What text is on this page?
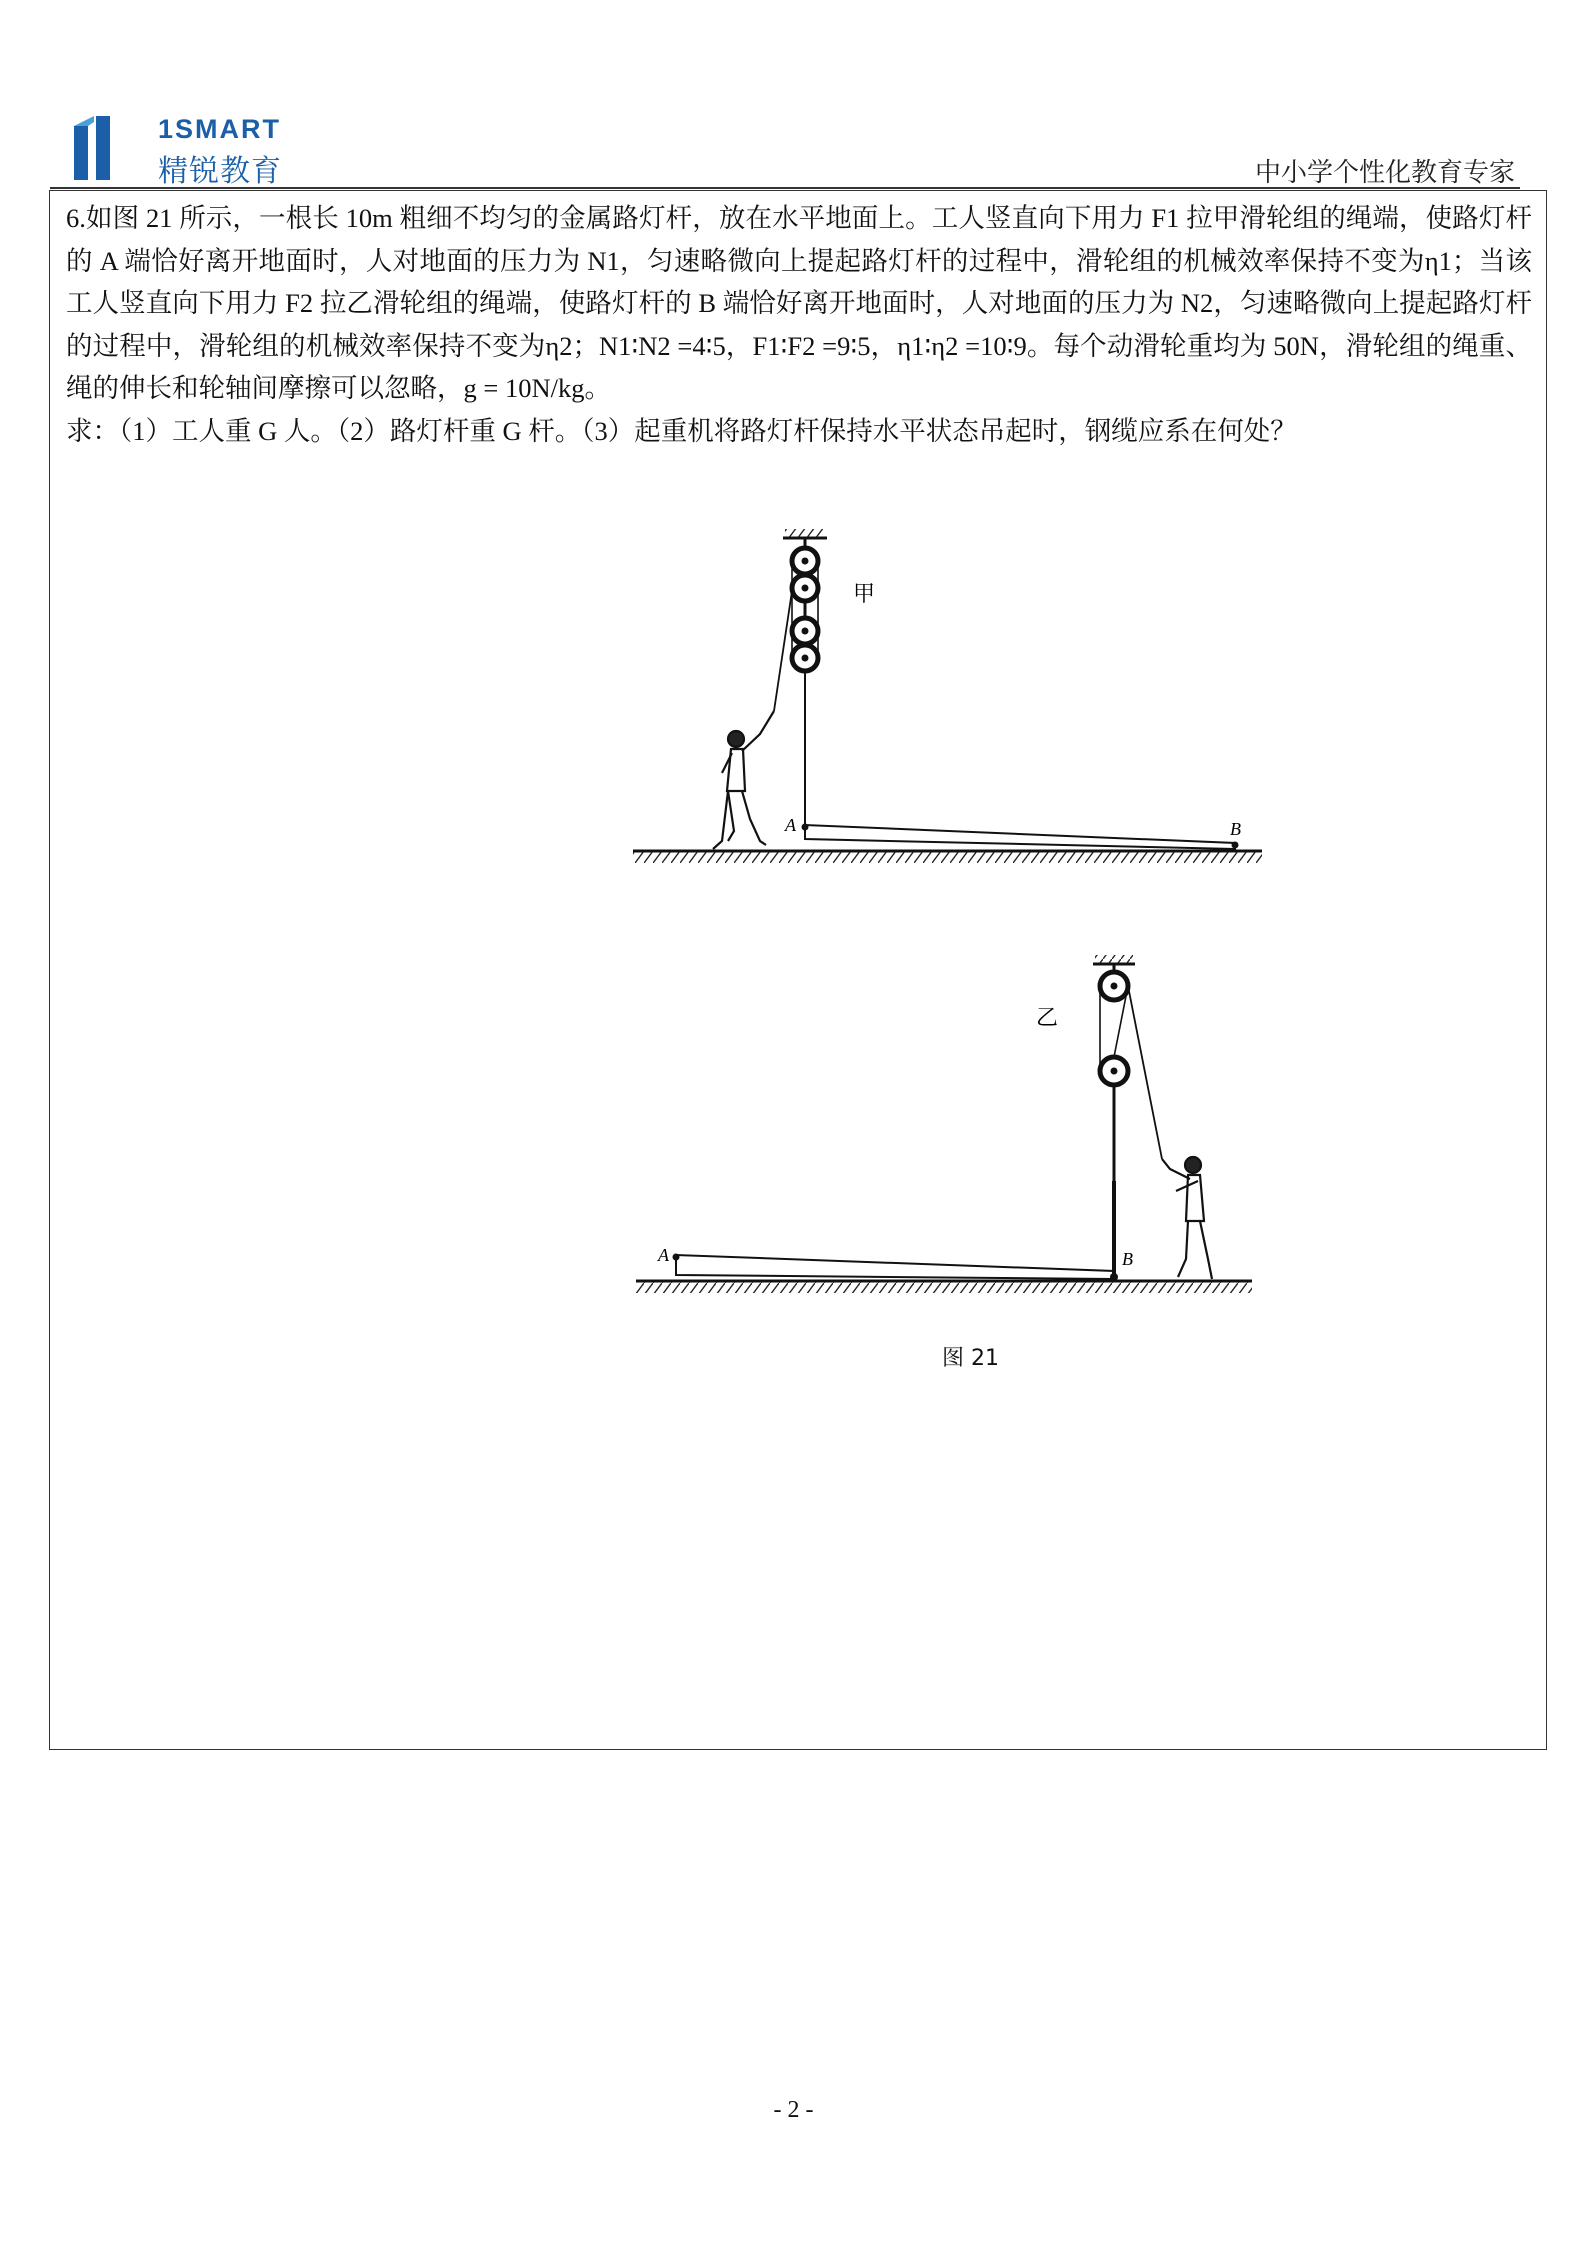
1SMART
精锐教育	中小学个性化教育专家
6.如图 21 所示，一根长 10m 粗细不均匀的金属路灯杆，放在水平地面上。工人竖直向下用力 F1 拉甲滑轮组的绳端，使路灯杆的 A 端恰好离开地面时，人对地面的压力为 N1，匀速略微向上提起路灯杆的过程中，滑轮组的机械效率保持不变为η1；当该工人竖直向下用力 F2 拉乙滑轮组的绳端，使路灯杆的 B 端恰好离开地面时，人对地面的压力为 N2，匀速略微向上提起路灯杆的过程中，滑轮组的机械效率保持不变为η2；N1∶N2 =4∶5，F1∶F2 =9∶5，η1∶η2 =10∶9。每个动滑轮重均为 50N，滑轮组的绳重、绳的伸长和轮轴间摩擦可以忽略，g = 10N/kg。
求：（1）工人重 G 人。（2）路灯杆重 G 杆。（3）起重机将路灯杆保持水平状态吊起时，钢缆应系在何处？
A	B
甲
A	B
乙
图 21
- 2 -
